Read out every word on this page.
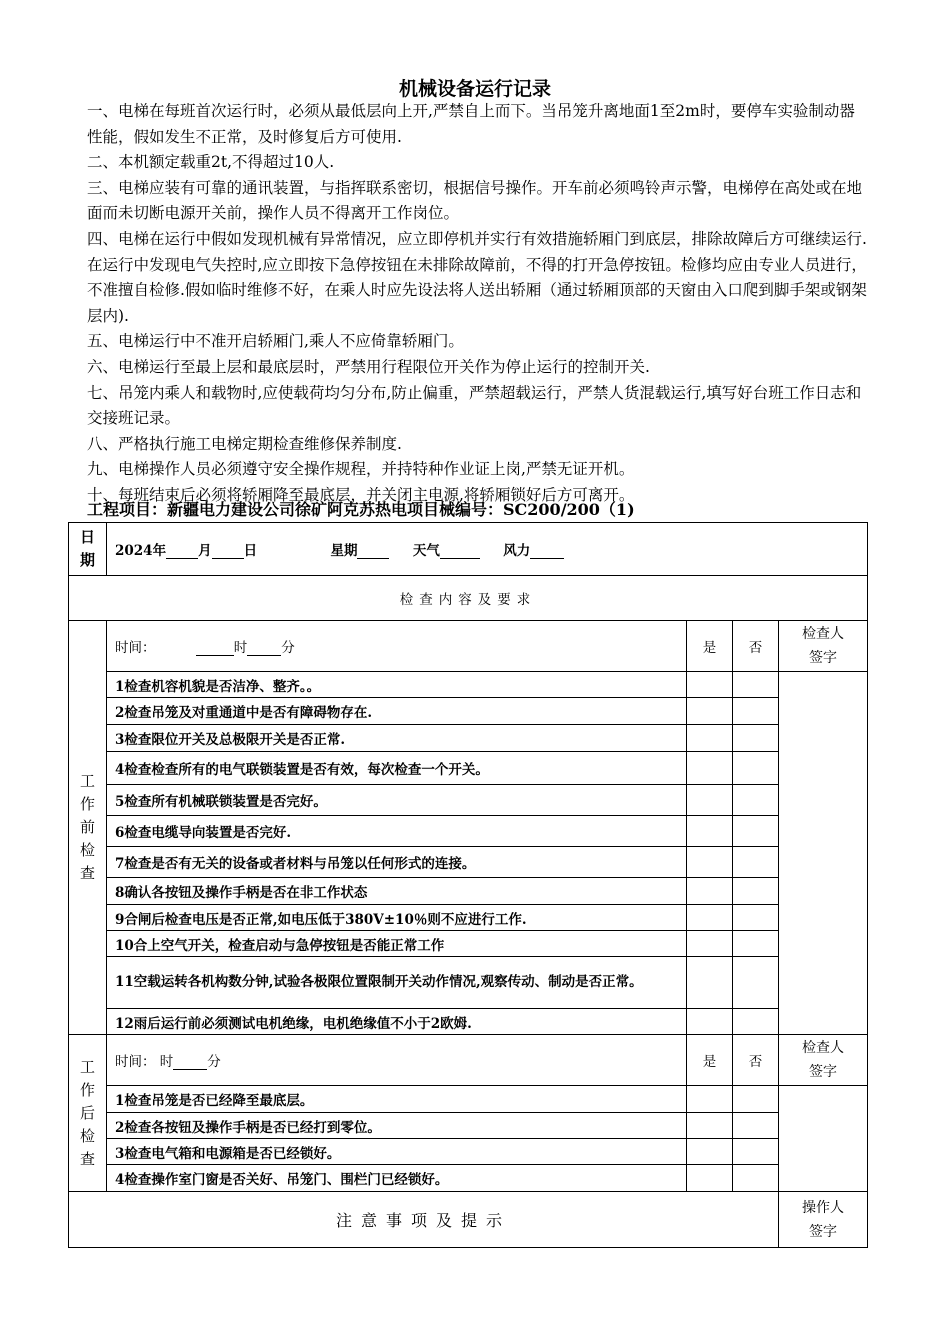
机械设备运行记录

一、电梯在每班首次运行时，必须从最低层向上开,严禁自上而下。当吊笼升离地面1至2m时，要停车实验制动器性能，假如发生不正常，及时修复后方可使用.

二、本机额定载重2t,不得超过10人.

三、电梯应装有可靠的通讯装置，与指挥联系密切，根据信号操作。开车前必须鸣铃声示警，电梯停在高处或在地面而未切断电源开关前，操作人员不得离开工作岗位。

四、电梯在运行中假如发现机械有异常情况，应立即停机并实行有效措施轿厢门到底层，排除故障后方可继续运行.在运行中发现电气失控时,应立即按下急停按钮在未排除故障前，不得的打开急停按钮。检修均应由专业人员进行，不准擅自检修.假如临时维修不好，在乘人时应先设法将人送出轿厢（通过轿厢顶部的天窗由入口爬到脚手架或钢架层内).

五、电梯运行中不准开启轿厢门,乘人不应倚靠轿厢门。

六、电梯运行至最上层和最底层时，严禁用行程限位开关作为停止运行的控制开关.

七、吊笼内乘人和载物时,应使载荷均匀分布,防止偏重，严禁超载运行，严禁人货混载运行,填写好台班工作日志和交接班记录。

八、严格执行施工电梯定期检查维修保养制度.

九、电梯操作人员必须遵守安全操作规程，并持特种作业证上岗,严禁无证开机。

十、每班结束后必须将轿厢降至最底层，并关闭主电源,将轿厢锁好后方可离开。

工程项目：新疆电力建设公司徐矿阿克苏热电项目械编号：SC200/200（1)
日期	2024年 月 日 星期 天气 风力			
检查内容及要求				

工作前检查	时间： 时 分	是	否	检查人签字

	1检查机容机貌是否洁净、整齐。。			
	2检查吊笼及对重通道中是否有障碍物存在.			
	3检查限位开关及总极限开关是否正常.			
	4检查检查所有的电气联锁装置是否有效，每次检查一个开关。			
	5检查所有机械联锁装置是否完好。			
	6检查电缆导向装置是否完好.			
	7检查是否有无关的设备或者材料与吊笼以任何形式的连接。			
	8确认各按钮及操作手柄是否在非工作状态			
	9合闸后检查电压是否正常,如电压低于380V±10％则不应进行工作.			
	10合上空气开关，检查启动与急停按钮是否能正常工作			
	11空载运转各机构数分钟,试验各极限位置限制开关动作情况,观察传动、制动是否正常。			
	12雨后运行前必须测试电机绝缘，电机绝缘值不小于2欧姆.			

工作后检查	时间： 时 分	是	否	检查人签字

	1检查吊笼是否已经降至最底层。			
	2检查各按钮及操作手柄是否已经打到零位。			
	3检查电气箱和电源箱是否已经锁好。			
	4检查操作室门窗是否关好、吊笼门、围栏门已经锁好。			
注意事项及提示				操作人签字
